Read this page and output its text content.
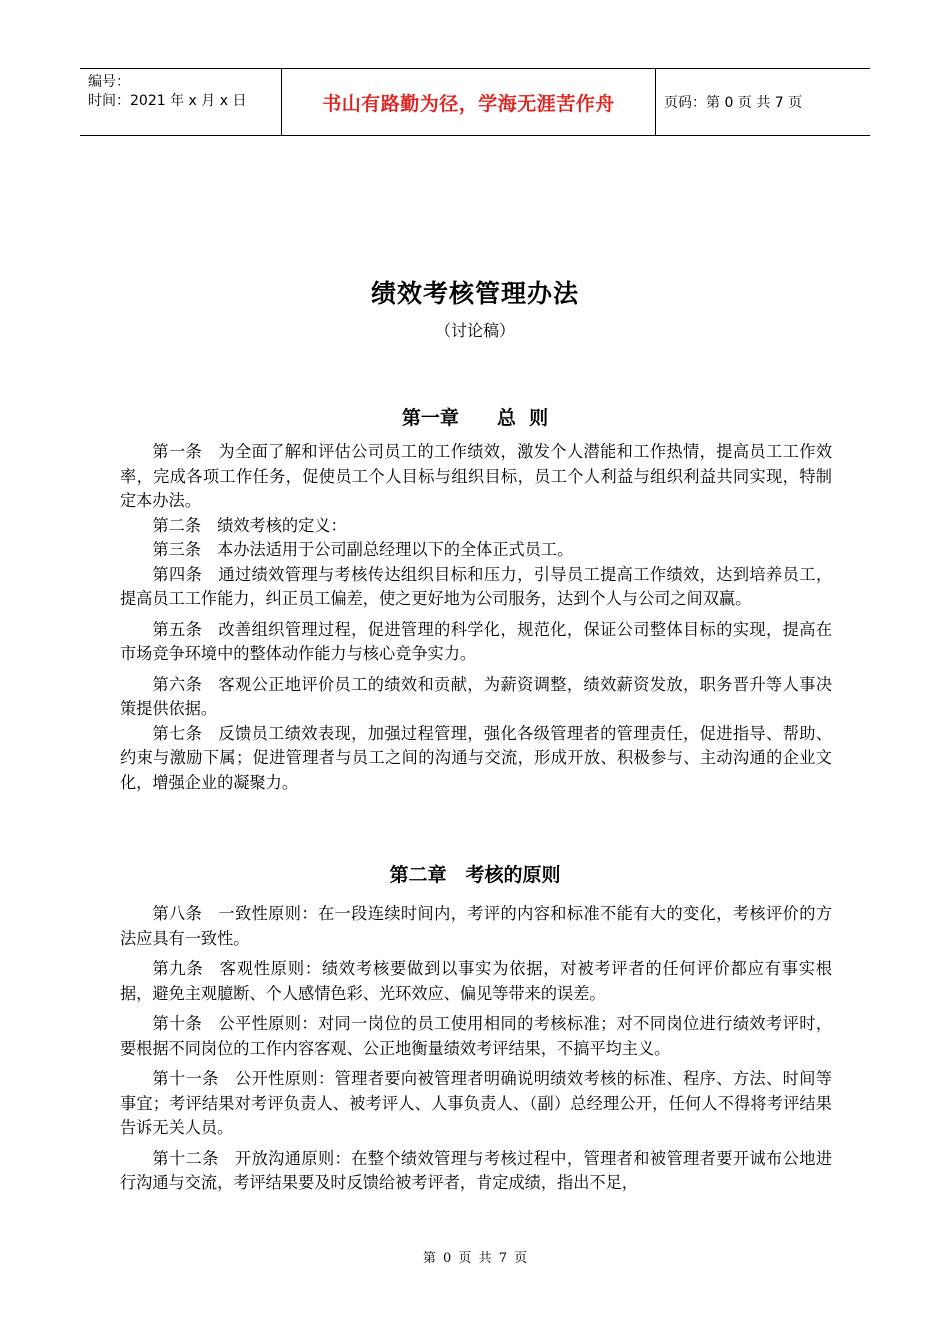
编号：
时间：2021 年 x 月 x 日	书山有路勤为径，学海无涯苦作舟	页码：第 0 页 共 7 页
绩效考核管理办法
（讨论稿）
第一章　　总  则

第一条 为全面了解和评估公司员工的工作绩效，激发个人潜能和工作热情，提高员工工作效率，完成各项工作任务，促使员工个人目标与组织目标，员工个人利益与组织利益共同实现，特制定本办法。

第二条 绩效考核的定义：

第三条 本办法适用于公司副总经理以下的全体正式员工。

第四条 通过绩效管理与考核传达组织目标和压力，引导员工提高工作绩效，达到培养员工，提高员工工作能力，纠正员工偏差，使之更好地为公司服务，达到个人与公司之间双赢。

第五条 改善组织管理过程，促进管理的科学化，规范化，保证公司整体目标的实现，提高在市场竞争环境中的整体动作能力与核心竞争实力。

第六条 客观公正地评价员工的绩效和贡献，为薪资调整，绩效薪资发放，职务晋升等人事决策提供依据。

第七条 反馈员工绩效表现，加强过程管理，强化各级管理者的管理责任，促进指导、帮助、约束与激励下属；促进管理者与员工之间的沟通与交流，形成开放、积极参与、主动沟通的企业文化，增强企业的凝聚力。

第二章　考核的原则

第八条 一致性原则：在一段连续时间内，考评的内容和标准不能有大的变化，考核评价的方法应具有一致性。

第九条 客观性原则：绩效考核要做到以事实为依据，对被考评者的任何评价都应有事实根据，避免主观臆断、个人感情色彩、光环效应、偏见等带来的误差。

第十条 公平性原则：对同一岗位的员工使用相同的考核标准；对不同岗位进行绩效考评时，要根据不同岗位的工作内容客观、公正地衡量绩效考评结果，不搞平均主义。

第十一条 公开性原则：管理者要向被管理者明确说明绩效考核的标准、程序、方法、时间等事宜；考评结果对考评负责人、被考评人、人事负责人、（副）总经理公开，任何人不得将考评结果告诉无关人员。

第十二条 开放沟通原则：在整个绩效管理与考核过程中，管理者和被管理者要开诚布公地进行沟通与交流，考评结果要及时反馈给被考评者，肯定成绩，指出不足，

第 0 页 共 7 页
